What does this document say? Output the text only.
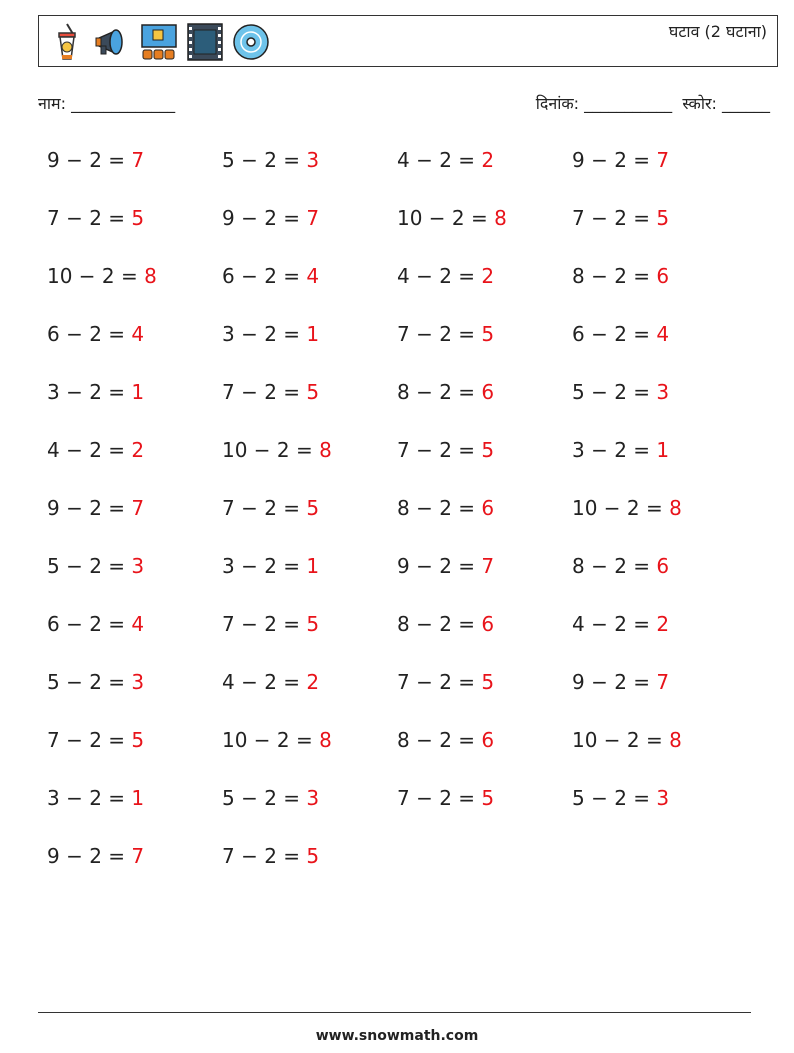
घटाव (2 घटाना)
नाम: _____________	दिनांक: ___________ स्कोर: ______
9 − 2 = 7	5 − 2 = 3	4 − 2 = 2	9 − 2 = 7
7 − 2 = 5	9 − 2 = 7	10 − 2 = 8	7 − 2 = 5
10 − 2 = 8	6 − 2 = 4	4 − 2 = 2	8 − 2 = 6
6 − 2 = 4	3 − 2 = 1	7 − 2 = 5	6 − 2 = 4
3 − 2 = 1	7 − 2 = 5	8 − 2 = 6	5 − 2 = 3
4 − 2 = 2	10 − 2 = 8	7 − 2 = 5	3 − 2 = 1
9 − 2 = 7	7 − 2 = 5	8 − 2 = 6	10 − 2 = 8
5 − 2 = 3	3 − 2 = 1	9 − 2 = 7	8 − 2 = 6
6 − 2 = 4	7 − 2 = 5	8 − 2 = 6	4 − 2 = 2
5 − 2 = 3	4 − 2 = 2	7 − 2 = 5	9 − 2 = 7
7 − 2 = 5	10 − 2 = 8	8 − 2 = 6	10 − 2 = 8
3 − 2 = 1	5 − 2 = 3	7 − 2 = 5	5 − 2 = 3
9 − 2 = 7	7 − 2 = 5
www.snowmath.com
